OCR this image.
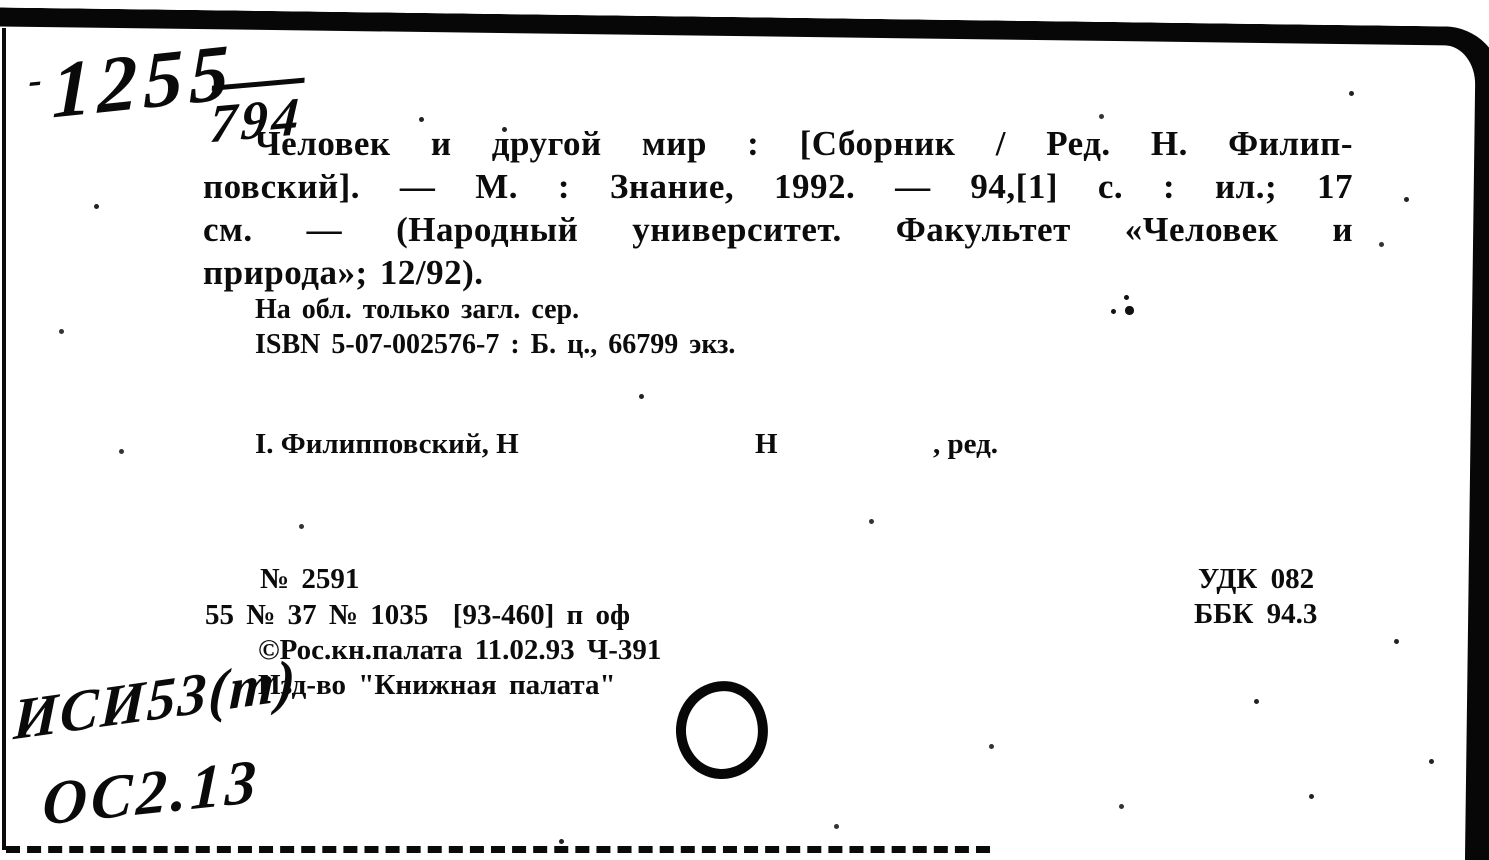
- 1255
794
Человек и другой мир : [Сборник / Ред. Н. Филип-
повский]. — М. : Знание, 1992. — 94,[1] с. : ил.; 17
см. — (Народный университет. Факультет «Человек и
природа»; 12/92).
На обл. только загл. сер.
ISBN 5-07-002576-7 : Б. ц., 66799 экз.
I. Филипповский, Н	Н	, ред.
№ 2591
55 № 37 № 1035  [93-460] п оф
©Рос.кн.палата 11.02.93 Ч-391
Изд-во "Книжная палата"
УДК 082
ББК 94.3
ИСИ53(т)
ОС2.13
